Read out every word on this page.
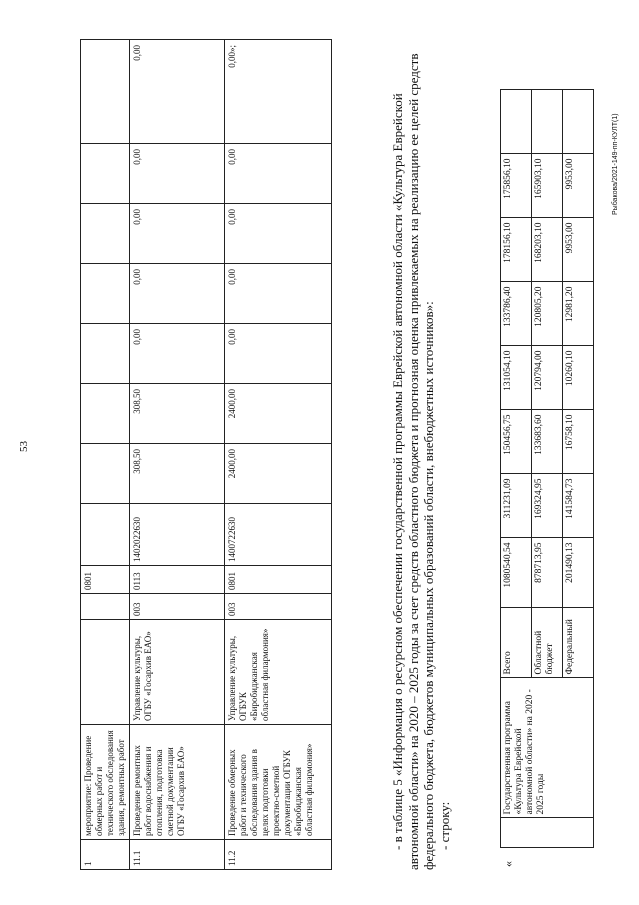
53
1	мероприятие: Проведение обмерных работ и технического обследования здания, ремонтных работ			0801								
11.1	Проведение ремонтных работ водоснабжения и отопления, подготовка сметной документации ОГБУ «Госархив ЕАО»	Управление культуры, ОГБУ «Госархив ЕАО»	003	0113	1402022630	308,50	308,50	0,00	0,00	0,00	0,00	0,00
11.2	Проведение обмерных работ и технического обследования здания в целях подготовки проектно-сметной документации ОГБУК «Биробиджанская областная филармония»	Управление культуры, ОГБУК «Биробиджанская областная филармония»	003	0801	1400722630	2400,00	2400,00	0,00	0,00	0,00	0,00	0,00»;

- в таблице 5 «Информация о ресурсном обеспечении государственной программы Еврейской автономной области «Культура Еврейской автономной области» на 2020 – 2025 годы за счет средств областного бюджета и прогнозная оценка привлекаемых на реализацию ее целей средств федерального бюджета, бюджетов муниципальных образований области, внебюджетных источников»: - строку:

«		Государственная программа «Культура Еврейской автономной области» на 2020 - 2025 годы	Всего	1080540,54	311231,09	150456,75	131054,10	133786,40	178156,10	175856,10	
			Областной бюджет	878713,95	169324,95	133683,60	120794,00	120805,20	168203,10	165903,10	
			Федеральный	201490,13	141584,73	16758,10	10260,10	12981,20	9953,00	9953,00		Рыбакова/2021-149-пп-КУЛТ(1)
